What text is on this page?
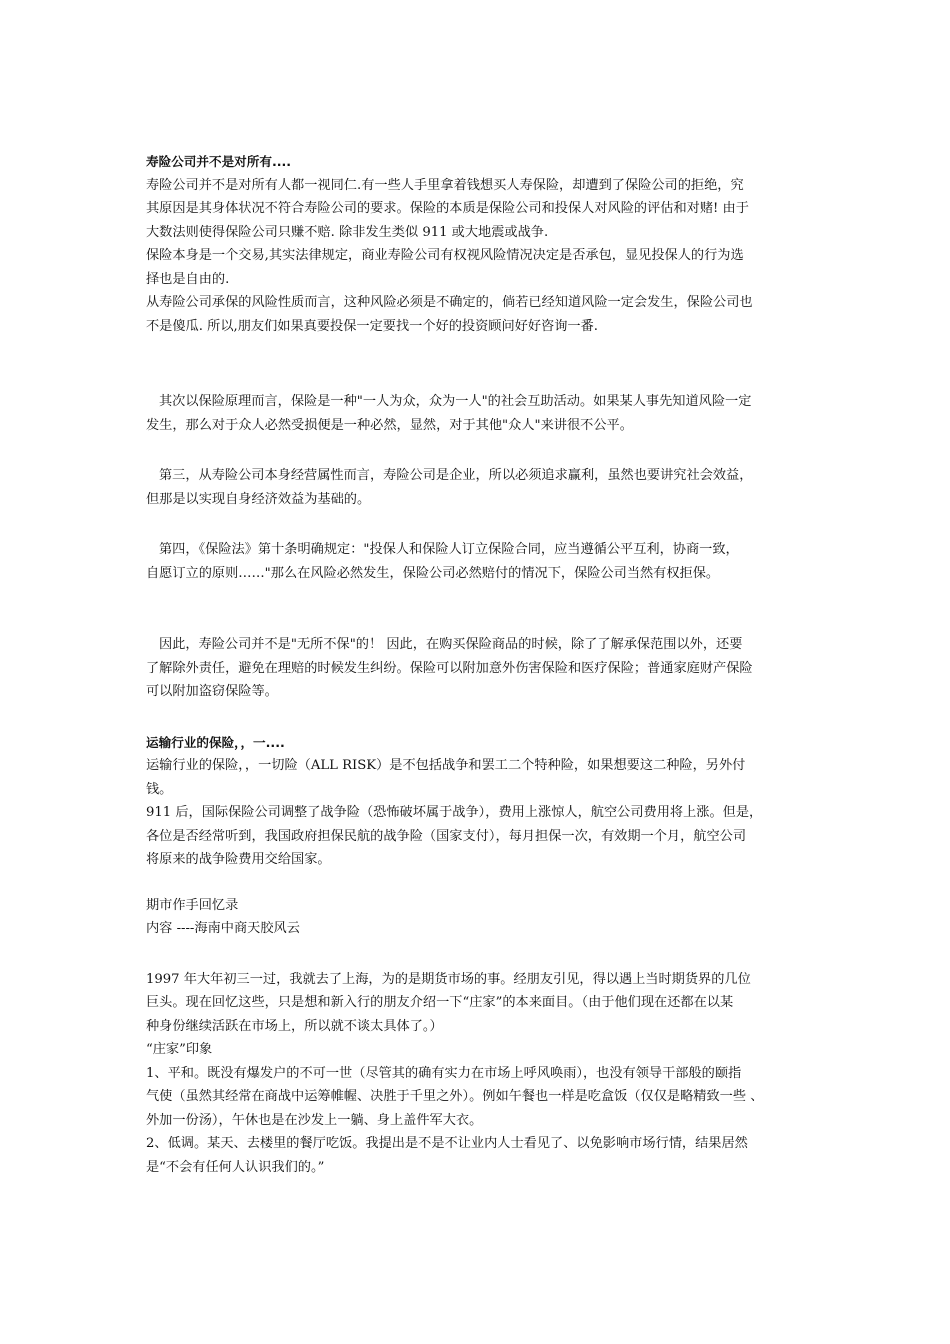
寿险公司并不是对所有....
寿险公司并不是对所有人都一视同仁.有一些人手里拿着钱想买人寿保险，却遭到了保险公司的拒绝，究
其原因是其身体状况不符合寿险公司的要求。保险的本质是保险公司和投保人对风险的评估和对赌! 由于
大数法则使得保险公司只赚不赔. 除非发生类似 911 或大地震或战争.
保险本身是一个交易,其实法律规定，商业寿险公司有权视风险情况决定是否承包，显见投保人的行为选
择也是自由的.
从寿险公司承保的风险性质而言，这种风险必须是不确定的，倘若已经知道风险一定会发生，保险公司也
不是傻瓜. 所以,朋友们如果真要投保一定要找一个好的投资顾问好好咨询一番.
其次以保险原理而言，保险是一种"一人为众，众为一人"的社会互助活动。如果某人事先知道风险一定
发生，那么对于众人必然受损便是一种必然，显然，对于其他"众人"来讲很不公平。
第三，从寿险公司本身经营属性而言，寿险公司是企业，所以必须追求赢利，虽然也要讲究社会效益，
但那是以实现自身经济效益为基础的。
第四，《保险法》第十条明确规定："投保人和保险人订立保险合同，应当遵循公平互利，协商一致，
自愿订立的原则……"那么在风险必然发生，保险公司必然赔付的情况下，保险公司当然有权拒保。
因此，寿险公司并不是"无所不保"的！ 因此，在购买保险商品的时候，除了了解承保范围以外，还要
了解除外责任，避免在理赔的时候发生纠纷。保险可以附加意外伤害保险和医疗保险；普通家庭财产保险
可以附加盗窃保险等。
运输行业的保险，，一....
运输行业的保险，，一切险（ALL RISK）是不包括战争和罢工二个特种险，如果想要这二种险，另外付
钱。
911 后，国际保险公司调整了战争险（恐怖破坏属于战争），费用上涨惊人，航空公司费用将上涨。但是，
各位是否经常听到，我国政府担保民航的战争险（国家支付），每月担保一次，有效期一个月，航空公司
将原来的战争险费用交给国家。
期市作手回忆录
内容 ----海南中商天胶风云
1997 年大年初三一过，我就去了上海，为的是期货市场的事。经朋友引见，得以遇上当时期货界的几位
巨头。现在回忆这些，只是想和新入行的朋友介绍一下“庄家”的本来面目。（由于他们现在还都在以某
种身份继续活跃在市场上，所以就不谈太具体了。）
“庄家”印象
1、平和。既没有爆发户的不可一世（尽管其的确有实力在市场上呼风唤雨），也没有领导干部般的颐指
气使（虽然其经常在商战中运筹帷幄、决胜于千里之外）。例如午餐也一样是吃盒饭（仅仅是略精致一些 、
外加一份汤），午休也是在沙发上一躺、身上盖件军大衣。
2、低调。某天、去楼里的餐厅吃饭。我提出是不是不让业内人士看见了、以免影响市场行情，结果居然
是“不会有任何人认识我们的。”
